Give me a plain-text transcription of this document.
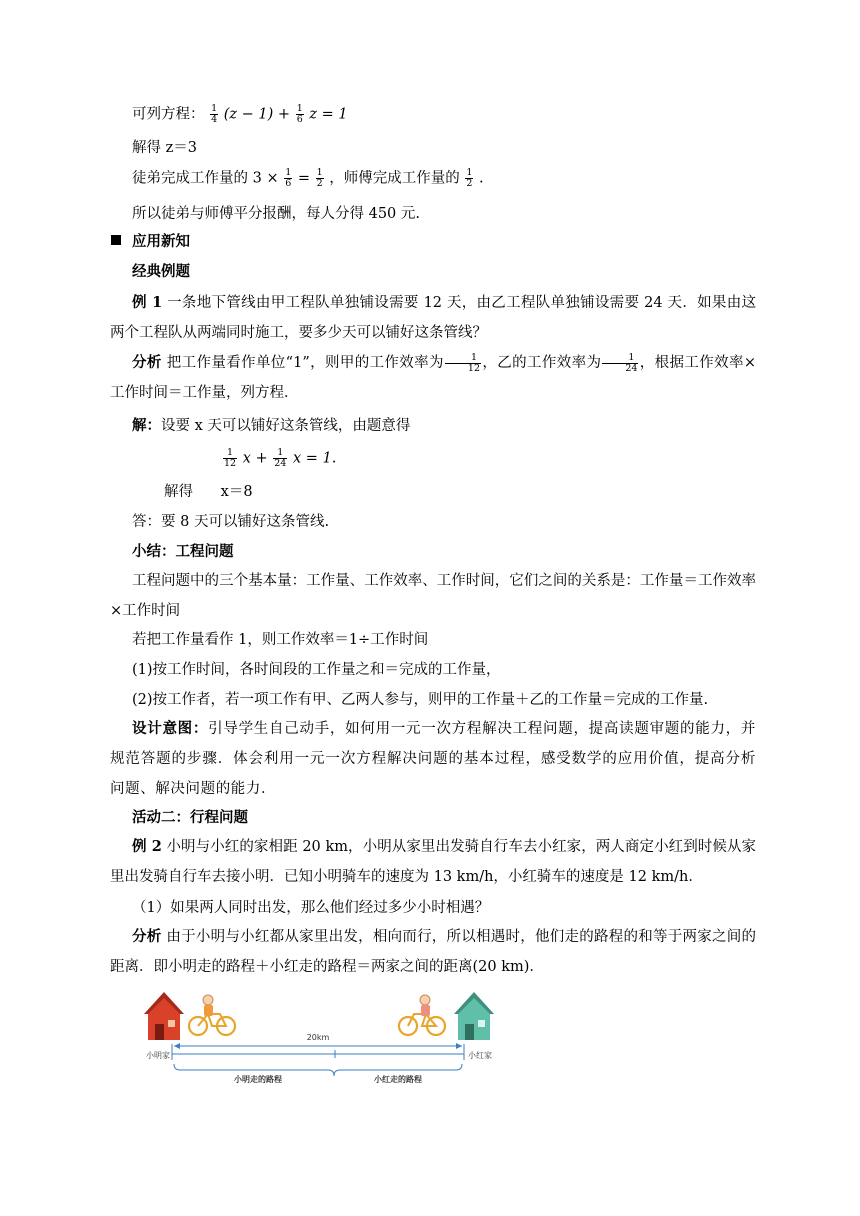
可列方程： $\frac{1}{4} (z - 1) + \frac{1}{6}$ z = 1
解得 z＝3
徒弟完成工作量的 $3 \times \frac{1}{6} = \frac{1}{2}$ ，师傅完成工作量的 $\frac{1}{2}$ .
所以徒弟与师傅平分报酬，每人分得 450 元.
应用新知
经典例题
例 1 一条地下管线由甲工程队单独铺设需要 12 天，由乙工程队单独铺设需要 24 天．如果由这两个工程队从两端同时施工，要多少天可以铺好这条管线？
分析 把工作量看作单位“1”，则甲的工作效率为 $\frac{1}{12}$ ，乙的工作效率为 $\frac{1}{24}$ ，根据工作效率×工作时间＝工作量，列方程．
解：设要 x 天可以铺好这条管线，由题意得
$\frac{1}{12}$ $x + \frac{1}{24}$ x = 1.
解得      x＝8
答：要 8 天可以铺好这条管线.
小结：工程问题
工程问题中的三个基本量：工作量、工作效率、工作时间，它们之间的关系是：工作量＝工作效率×工作时间
若把工作量看作 1，则工作效率＝1÷工作时间
(1)按工作时间，各时间段的工作量之和＝完成的工作量，
(2)按工作者，若一项工作有甲、乙两人参与，则甲的工作量＋乙的工作量＝完成的工作量.
设计意图：引导学生自己动手，如何用一元一次方程解决工程问题，提高读题审题的能力，并规范答题的步骤．体会利用一元一次方程解决问题的基本过程，感受数学的应用价值，提高分析问题、解决问题的能力．
活动二：行程问题
例 2 小明与小红的家相距 20 km，小明从家里出发骑自行车去小红家，两人商定小红到时候从家里出发骑自行车去接小明．已知小明骑车的速度为 13 km/h，小红骑车的速度是 12 km/h．
（1）如果两人同时出发，那么他们经过多少小时相遇？
分析 由于小明与小红都从家里出发，相向而行，所以相遇时，他们走的路程的和等于两家之间的距离．即小明走的路程＋小红走的路程＝两家之间的距离(20 km)．
20km
小明家	小红家
小明走的路程	小红走的路程
